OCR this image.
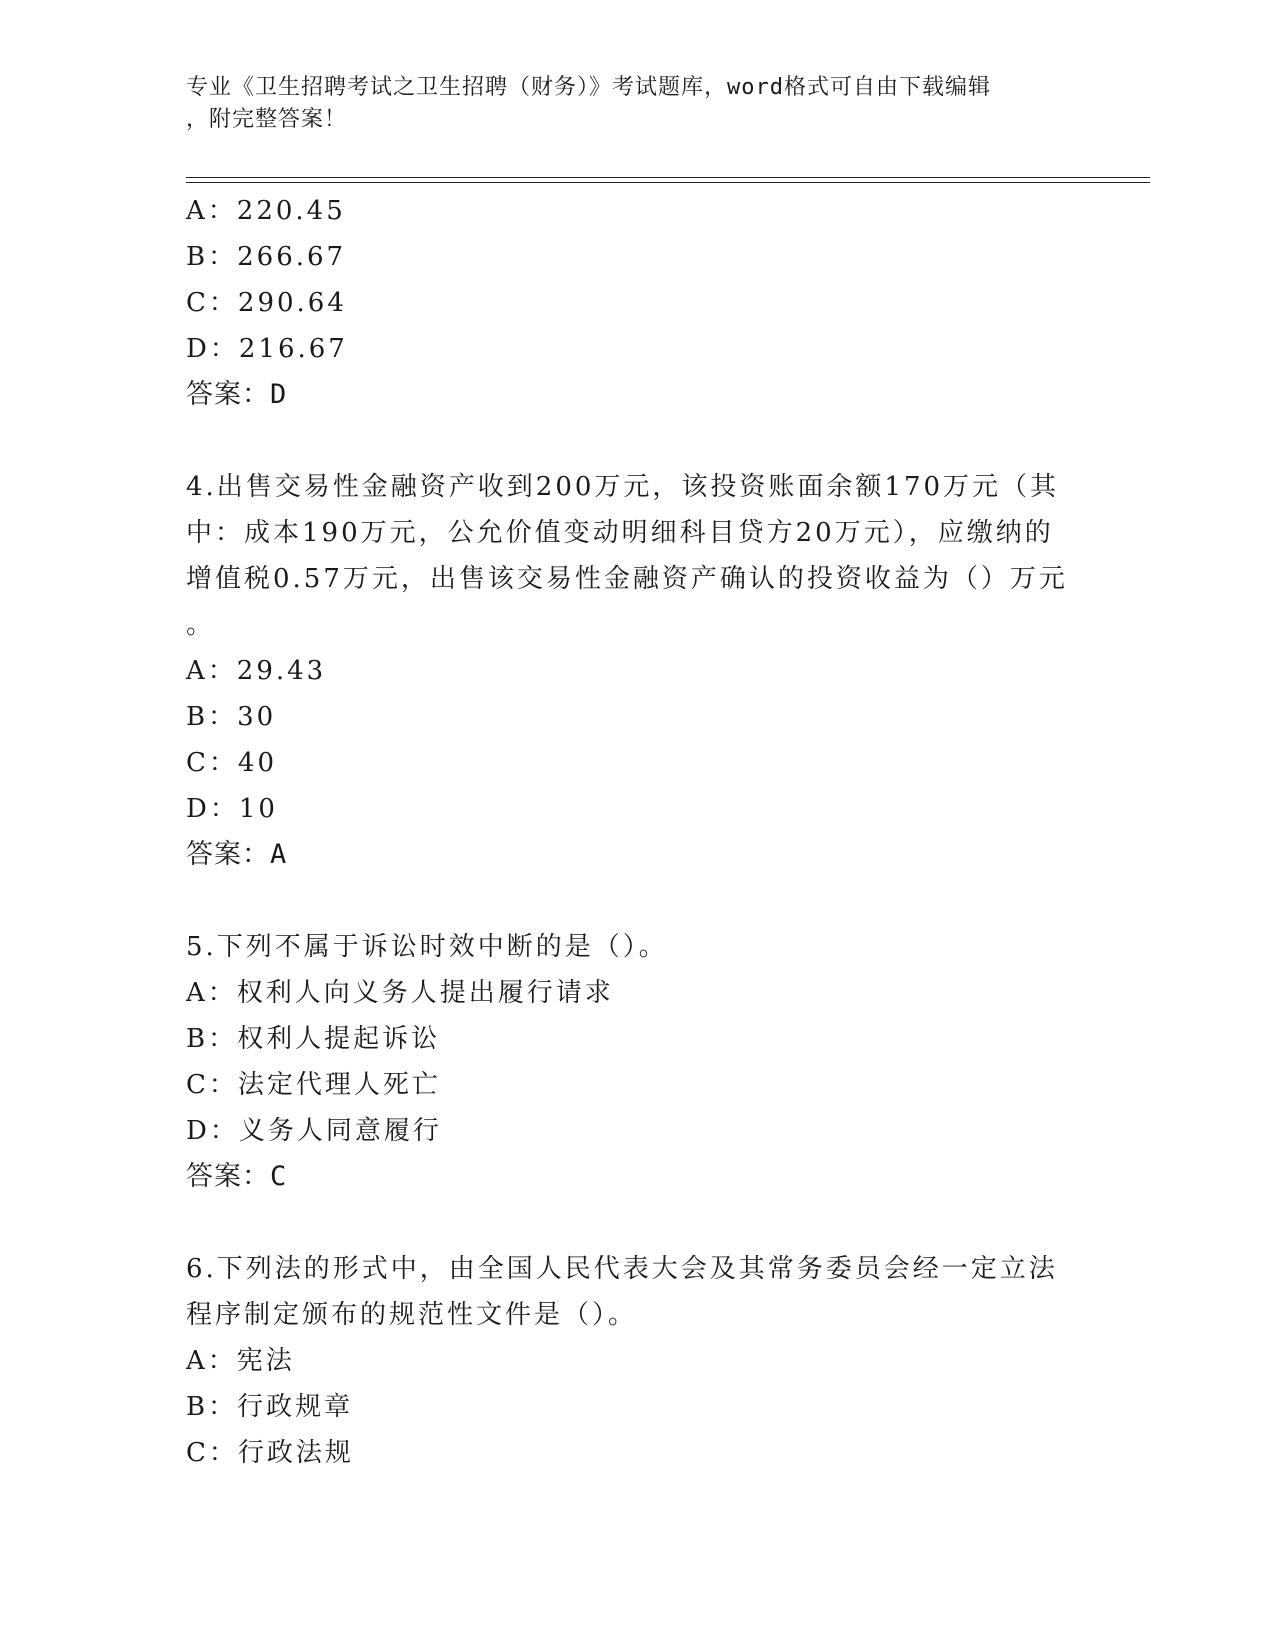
专业《卫生招聘考试之卫生招聘（财务）》考试题库，word格式可自由下载编辑
，附完整答案！
A：220.45
B：266.67
C：290.64
D：216.67
答案：D
4.出售交易性金融资产收到200万元，该投资账面余额170万元（其
中：成本190万元，公允价值变动明细科目贷方20万元），应缴纳的
增值税0.57万元，出售该交易性金融资产确认的投资收益为（）万元
。
A：29.43
B：30
C：40
D：10
答案：A
5.下列不属于诉讼时效中断的是（）。
A：权利人向义务人提出履行请求
B：权利人提起诉讼
C：法定代理人死亡
D：义务人同意履行
答案：C
6.下列法的形式中，由全国人民代表大会及其常务委员会经一定立法
程序制定颁布的规范性文件是（）。
A：宪法
B：行政规章
C：行政法规
